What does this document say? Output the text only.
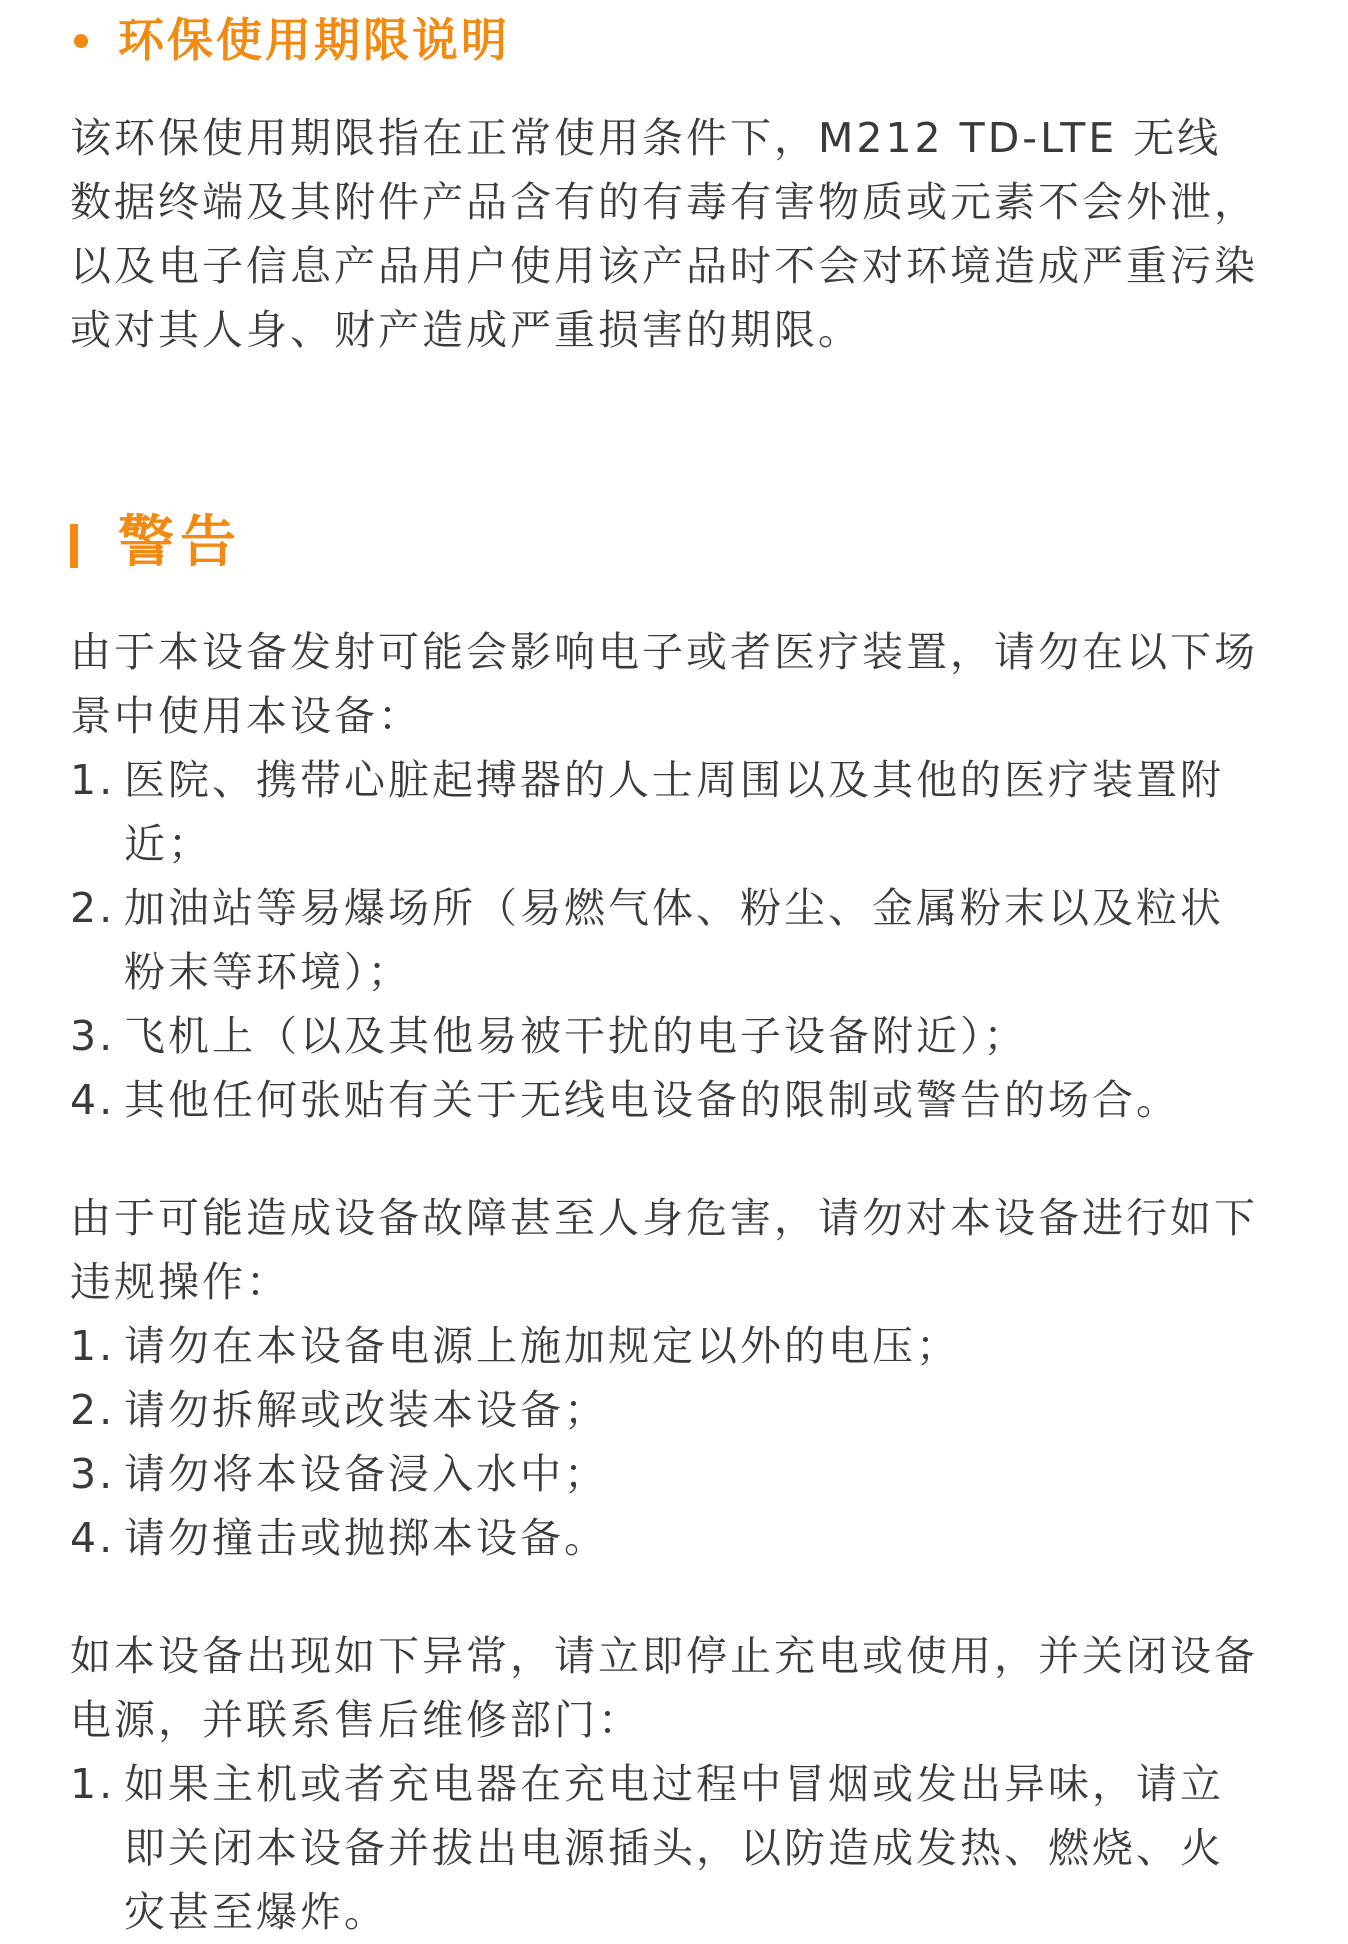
环保使用期限说明

该环保使用期限指在正常使用条件下，M212 TD-LTE 无线数据终端及其附件产品含有的有毒有害物质或元素不会外泄，以及电子信息产品用户使用该产品时不会对环境造成严重污染或对其人身、财产造成严重损害的期限。

警告

由于本设备发射可能会影响电子或者医疗装置，请勿在以下场景中使用本设备：

1. 医院、携带心脏起搏器的人士周围以及其他的医疗装置附近；
2. 加油站等易爆场所（易燃气体、粉尘、金属粉末以及粒状粉末等环境）；
3. 飞机上（以及其他易被干扰的电子设备附近）；
4. 其他任何张贴有关于无线电设备的限制或警告的场合。

由于可能造成设备故障甚至人身危害，请勿对本设备进行如下违规操作：

1. 请勿在本设备电源上施加规定以外的电压；
2. 请勿拆解或改装本设备；
3. 请勿将本设备浸入水中；
4. 请勿撞击或抛掷本设备。

如本设备出现如下异常，请立即停止充电或使用，并关闭设备电源，并联系售后维修部门：

1. 如果主机或者充电器在充电过程中冒烟或发出异味，请立即关闭本设备并拔出电源插头，以防造成发热、燃烧、火灾甚至爆炸。
